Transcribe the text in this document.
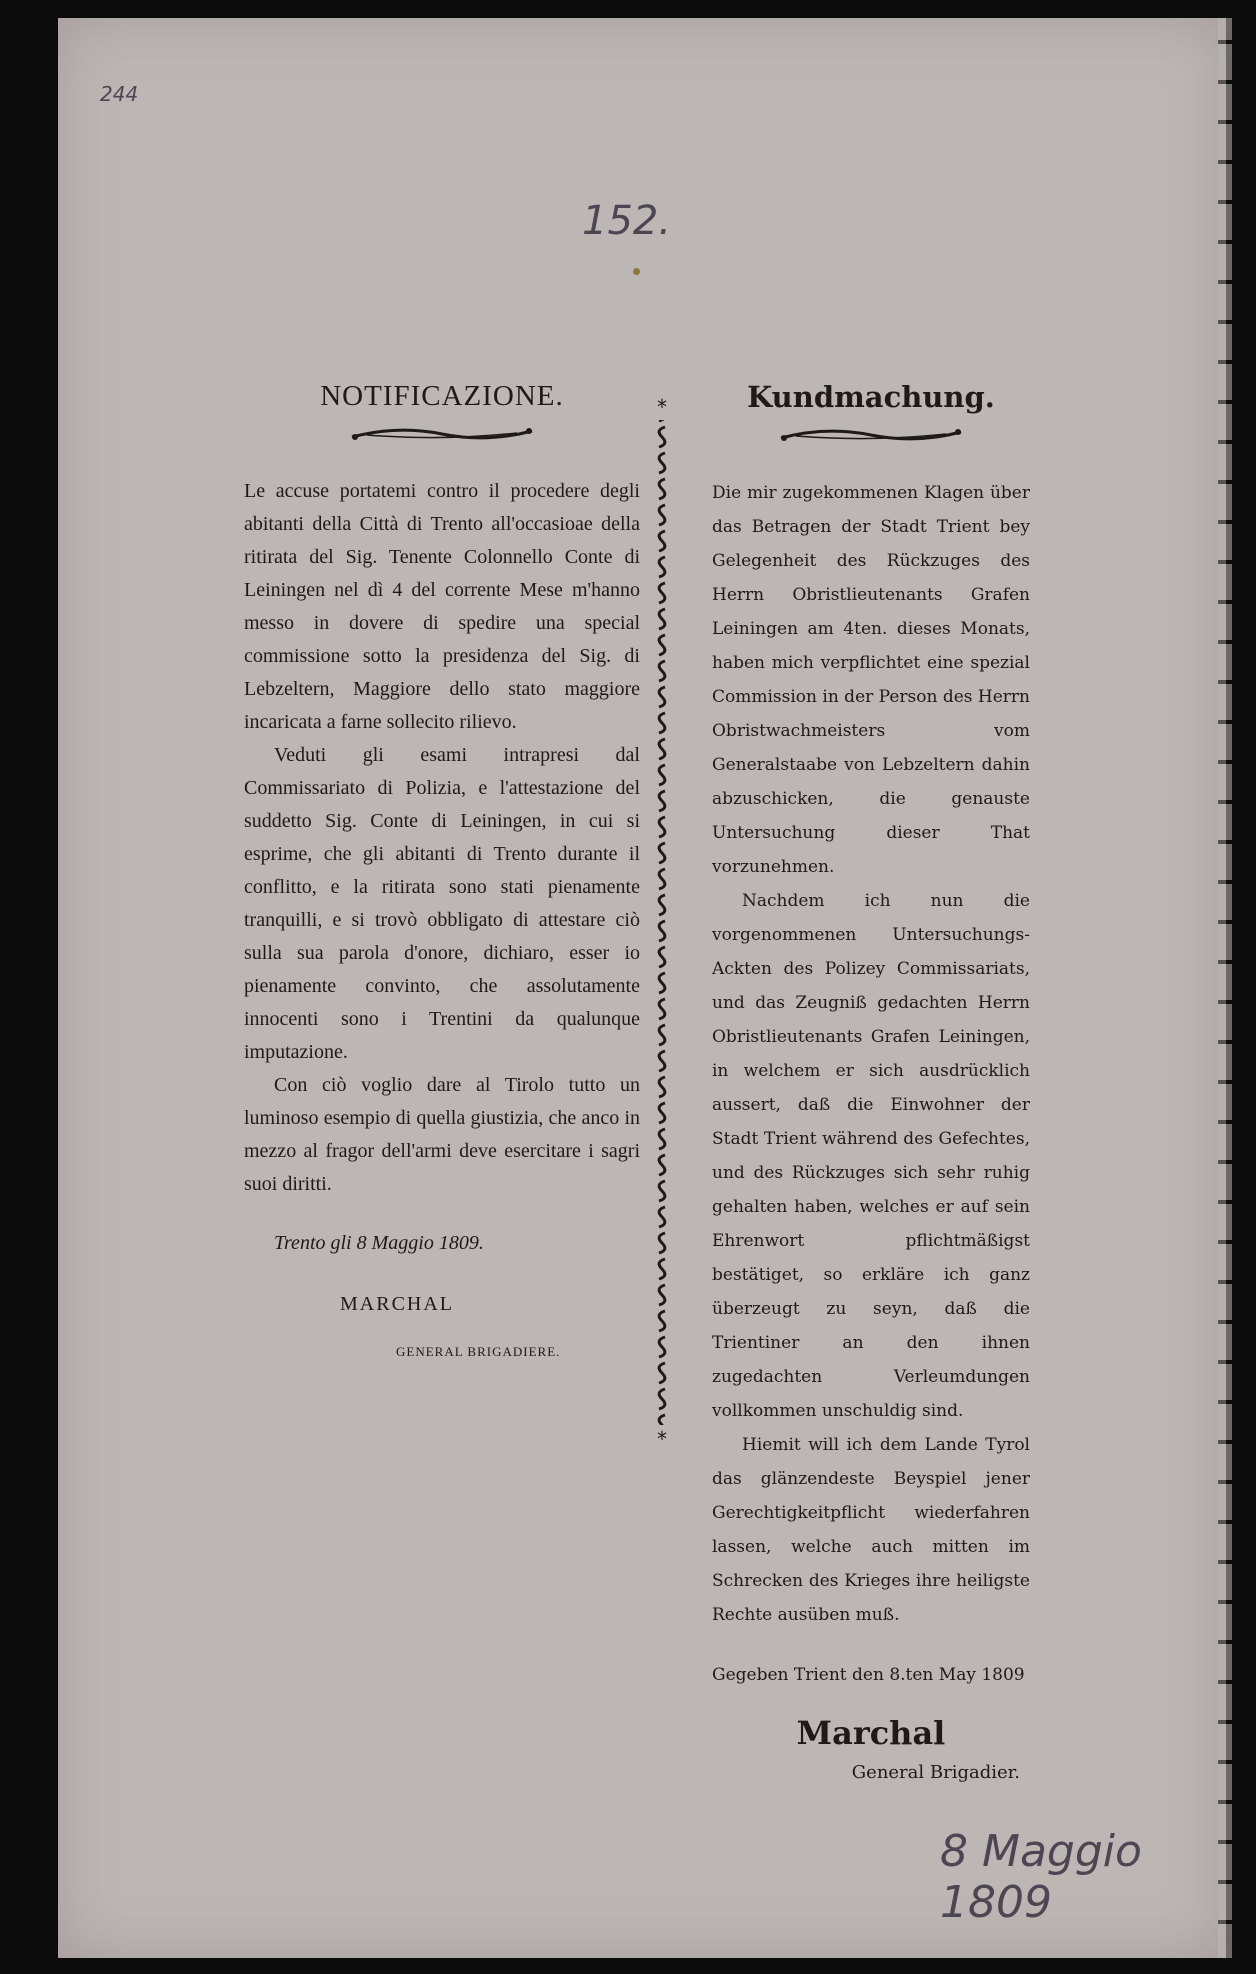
244
152.
NOTIFICAZIONE.

Le accuse portatemi contro il procedere degli abitanti della Città di Trento all'occasioae della ritirata del Sig. Tenente Colonnello Conte di Leiningen nel dì 4 del corrente Mese m'hanno messo in dovere di spedire una special commissione sotto la presidenza del Sig. di Lebzeltern, Maggiore dello stato maggiore incaricata a farne sollecito rilievo.

Veduti gli esami intrapresi dal Commissariato di Polizia, e l'attestazione del suddetto Sig. Conte di Leiningen, in cui si esprime, che gli abitanti di Trento durante il conflitto, e la ritirata sono stati pienamente tranquilli, e si trovò obbligato di attestare ciò sulla sua parola d'onore, dichiaro, esser io pienamente convinto, che assolutamente innocenti sono i Trentini da qualunque imputazione.

Con ciò voglio dare al Tirolo tutto un luminoso esempio di quella giustizia, che anco in mezzo al fragor dell'armi deve esercitare i sagri suoi diritti.

Trento gli 8 Maggio 1809.
MARCHAL
GENERAL BRIGADIERE.
*
*
Kundmachung.

Die mir zugekommenen Klagen über das Betragen der Stadt Trient bey Gelegenheit des Rückzuges des Herrn Obristlieutenants Grafen Leiningen am 4ten. dieses Monats, haben mich verpflichtet eine spezial Commission in der Person des Herrn Obristwachmeisters vom Generalstaabe von Lebzeltern dahin abzuschicken, die genauste Untersuchung dieser That vorzunehmen.

Nachdem ich nun die vorgenommenen Untersuchungs-Ackten des Polizey Commissariats, und das Zeugniß gedachten Herrn Obristlieutenants Grafen Leiningen, in welchem er sich ausdrücklich aussert, daß die Einwohner der Stadt Trient während des Gefechtes, und des Rückzuges sich sehr ruhig gehalten haben, welches er auf sein Ehrenwort pflichtmäßigst bestätiget, so erkläre ich ganz überzeugt zu seyn, daß die Trientiner an den ihnen zugedachten Verleumdungen vollkommen unschuldig sind.

Hiemit will ich dem Lande Tyrol das glänzendeste Beyspiel jener Gerechtigkeitpflicht wiederfahren lassen, welche auch mitten im Schrecken des Krieges ihre heiligste Rechte ausüben muß.

Gegeben Trient den 8.ten May 1809
Marchal
General Brigadier.
8 Maggio 1809
